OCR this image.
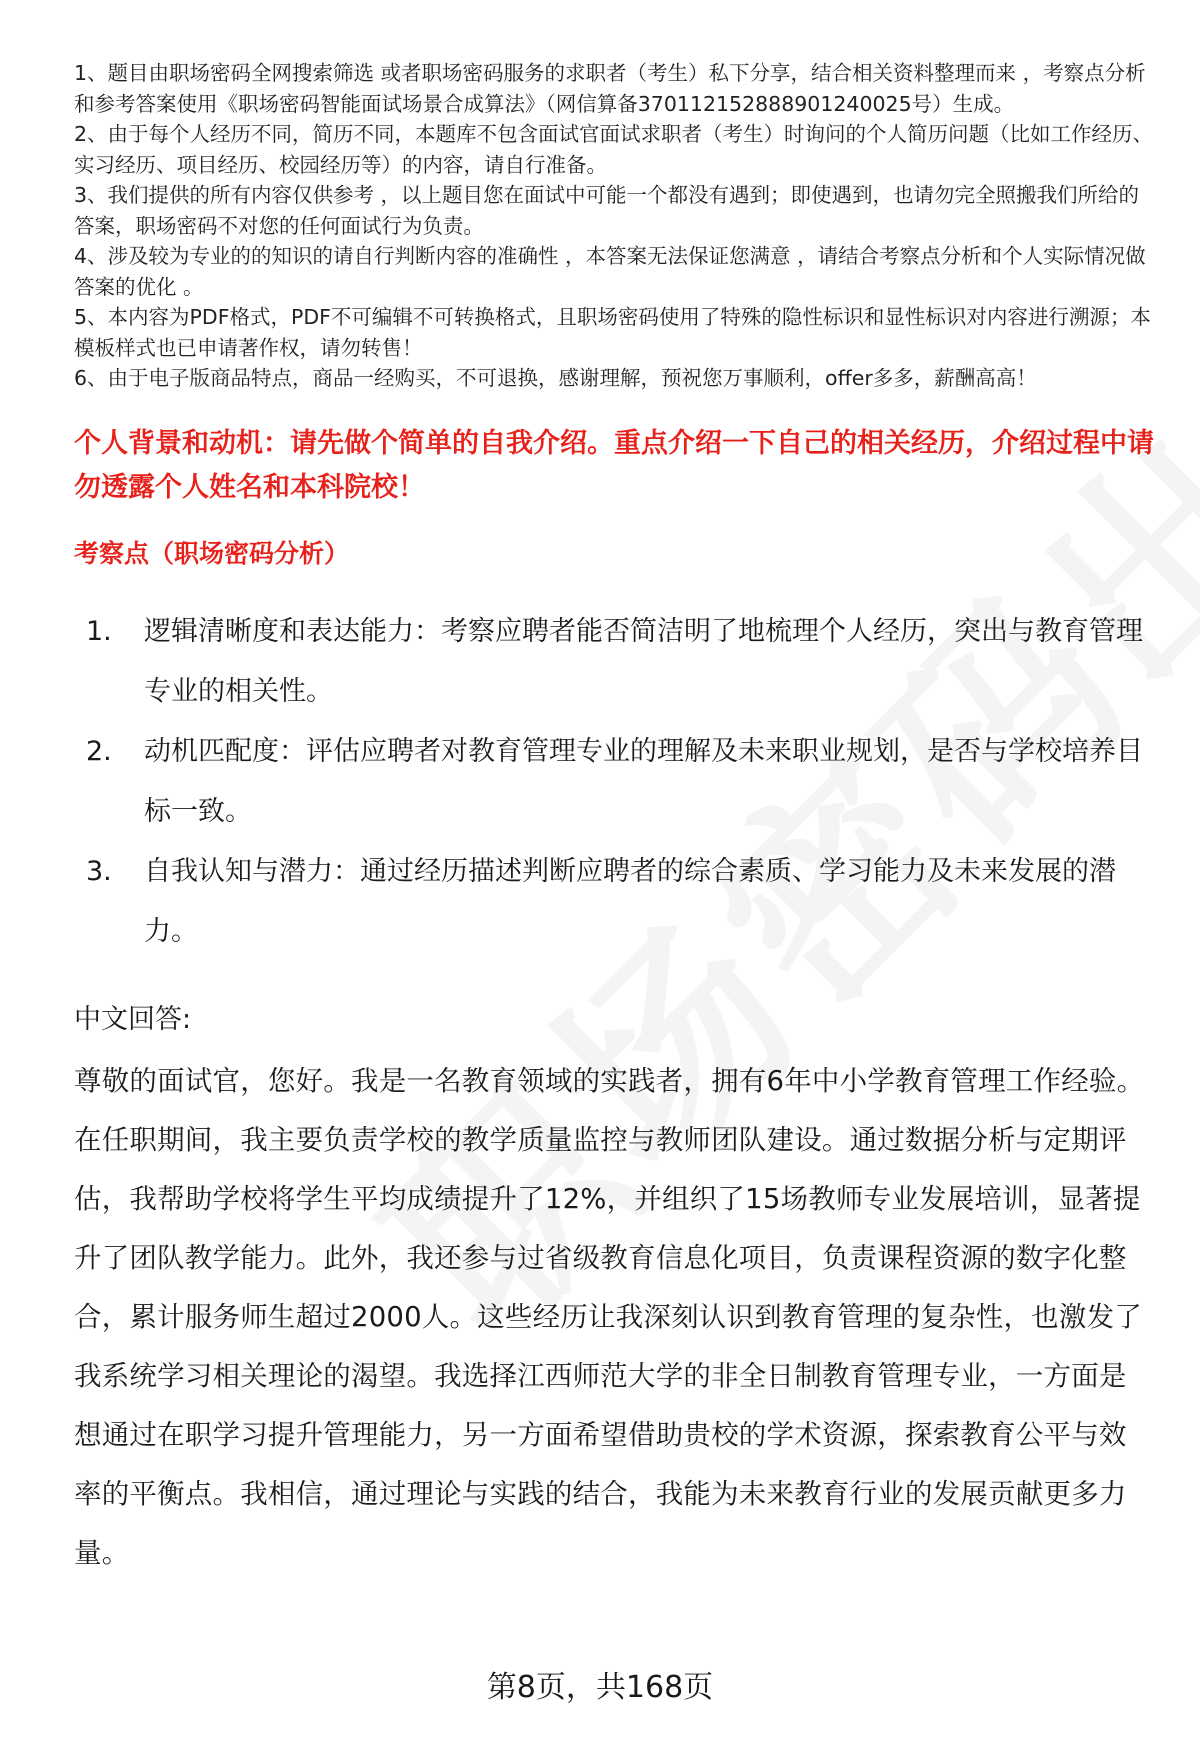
1、题目由职场密码全网搜索筛选 或者职场密码服务的求职者（考生）私下分享，结合相关资料整理而来 ，考察点分析和参考答案使用《职场密码智能面试场景合成算法》（网信算备370112152888901240025号）生成。
2、由于每个人经历不同，简历不同，本题库不包含面试官面试求职者（考生）时询问的个人简历问题（比如工作经历、实习经历、项目经历、校园经历等）的内容，请自行准备。
3、我们提供的所有内容仅供参考 ，以上题目您在面试中可能一个都没有遇到；即使遇到，也请勿完全照搬我们所给的答案，职场密码不对您的任何面试行为负责。
4、涉及较为专业的的知识的请自行判断内容的准确性 ，本答案无法保证您满意 ，请结合考察点分析和个人实际情况做答案的优化 。
5、本内容为PDF格式，PDF不可编辑不可转换格式，且职场密码使用了特殊的隐性标识和显性标识对内容进行溯源；本模板样式也已申请著作权，请勿转售！
6、由于电子版商品特点，商品一经购买，不可退换，感谢理解，预祝您万事顺利，offer多多，薪酬高高！
个人背景和动机：请先做个简单的自我介绍。重点介绍一下自己的相关经历，介绍过程中请勿透露个人姓名和本科院校！
考察点（职场密码分析）
1.	逻辑清晰度和表达能力：考察应聘者能否简洁明了地梳理个人经历，突出与教育管理专业的相关性。
2.	动机匹配度：评估应聘者对教育管理专业的理解及未来职业规划，是否与学校培养目标一致。
3.	自我认知与潜力：通过经历描述判断应聘者的综合素质、学习能力及未来发展的潜力。
中文回答:
尊敬的面试官，您好。我是一名教育领域的实践者，拥有6年中小学教育管理工作经验。在任职期间，我主要负责学校的教学质量监控与教师团队建设。通过数据分析与定期评估，我帮助学校将学生平均成绩提升了12%，并组织了15场教师专业发展培训，显著提升了团队教学能力。此外，我还参与过省级教育信息化项目，负责课程资源的数字化整合，累计服务师生超过2000人。这些经历让我深刻认识到教育管理的复杂性，也激发了我系统学习相关理论的渴望。我选择江西师范大学的非全日制教育管理专业，一方面是想通过在职学习提升管理能力，另一方面希望借助贵校的学术资源，探索教育公平与效率的平衡点。我相信，通过理论与实践的结合，我能为未来教育行业的发展贡献更多力量。
第8页，共168页
